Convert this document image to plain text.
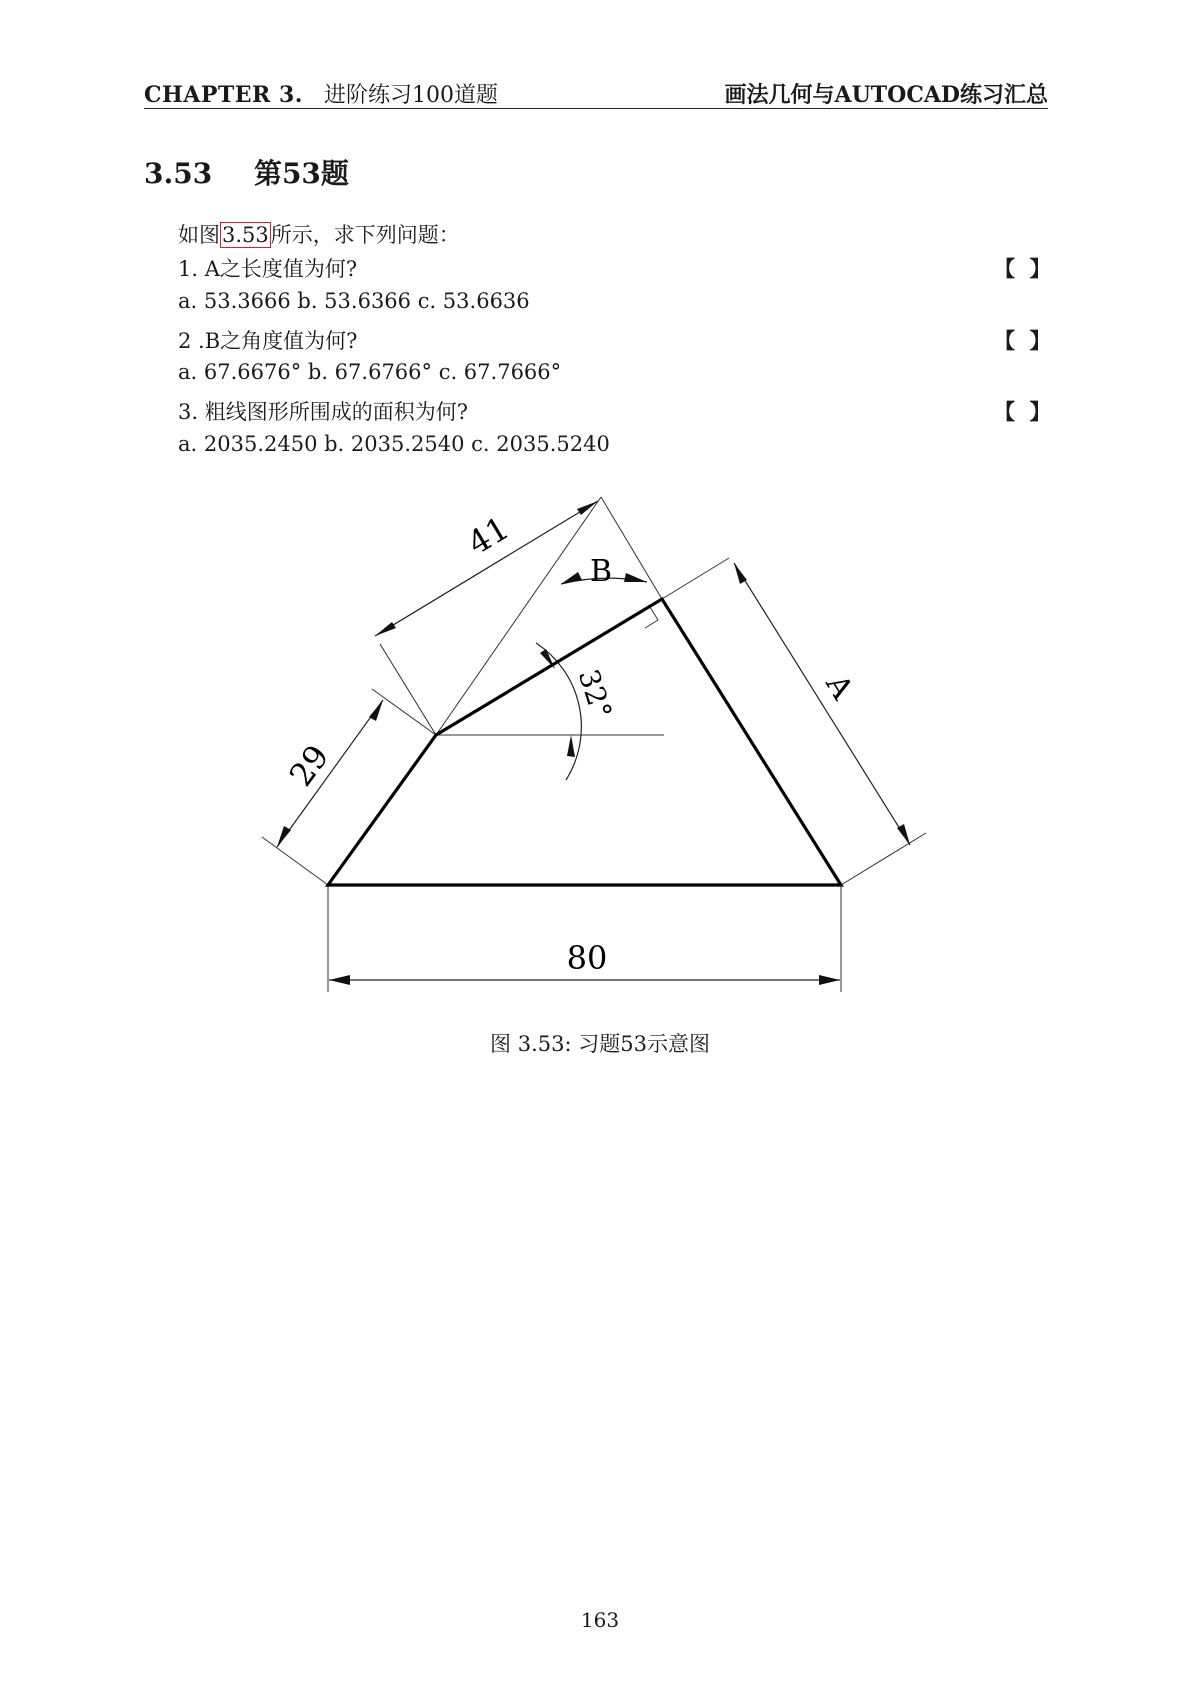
CHAPTER 3. 进阶练习100道题	画法几何与AUTOCAD练习汇总
3.53 第53题
如图3.53所示，求下列问题：
1. A之长度值为何?	【  】
a. 53.3666 b. 53.6366 c. 53.6636
2 .B之角度值为何?	【  】
a. 67.6676° b. 67.6766° c. 67.7666°
3. 粗线图形所围成的面积为何?	【  】
a. 2035.2450 b. 2035.2540 c. 2035.5240
41
29
80
A
B
32°
图 3.53: 习题53示意图
163
